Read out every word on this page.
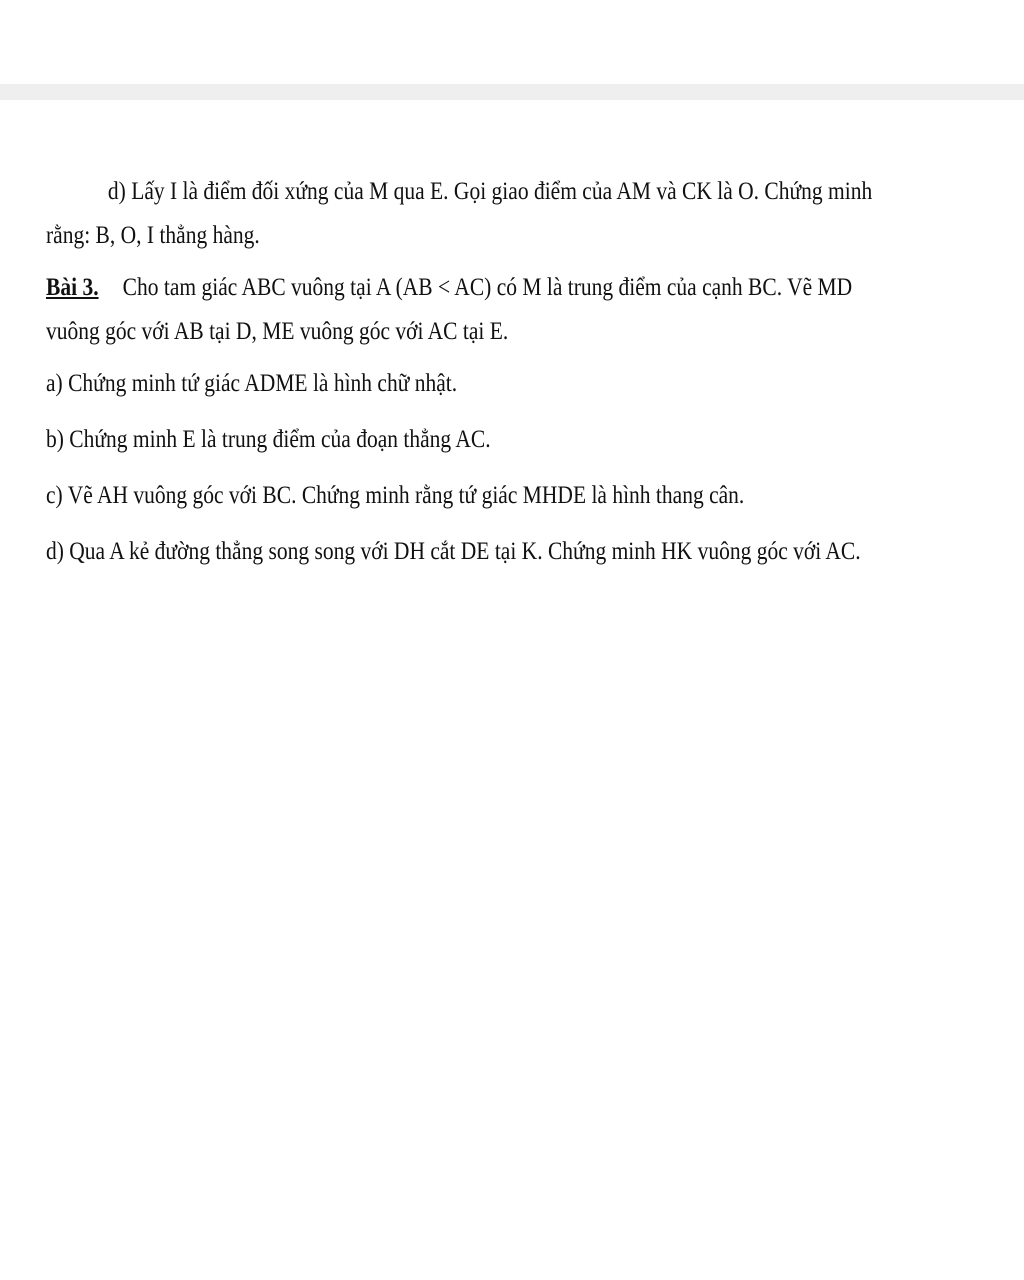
d) Lấy I là điểm đối xứng của M qua E. Gọi giao điểm của AM và CK là O. Chứng minh
rằng: B, O, I thẳng hàng.

Bài 3. Cho tam giác ABC vuông tại A (AB < AC) có M là trung điểm của cạnh BC. Vẽ MD
vuông góc với AB tại D, ME vuông góc với AC tại E.

a) Chứng minh tứ giác ADME là hình chữ nhật.

b) Chứng minh E là trung điểm của đoạn thẳng AC.

c) Vẽ AH vuông góc với BC. Chứng minh rằng tứ giác MHDE là hình thang cân.

d) Qua A kẻ đường thẳng song song với DH cắt DE tại K. Chứng minh HK vuông góc với AC.
